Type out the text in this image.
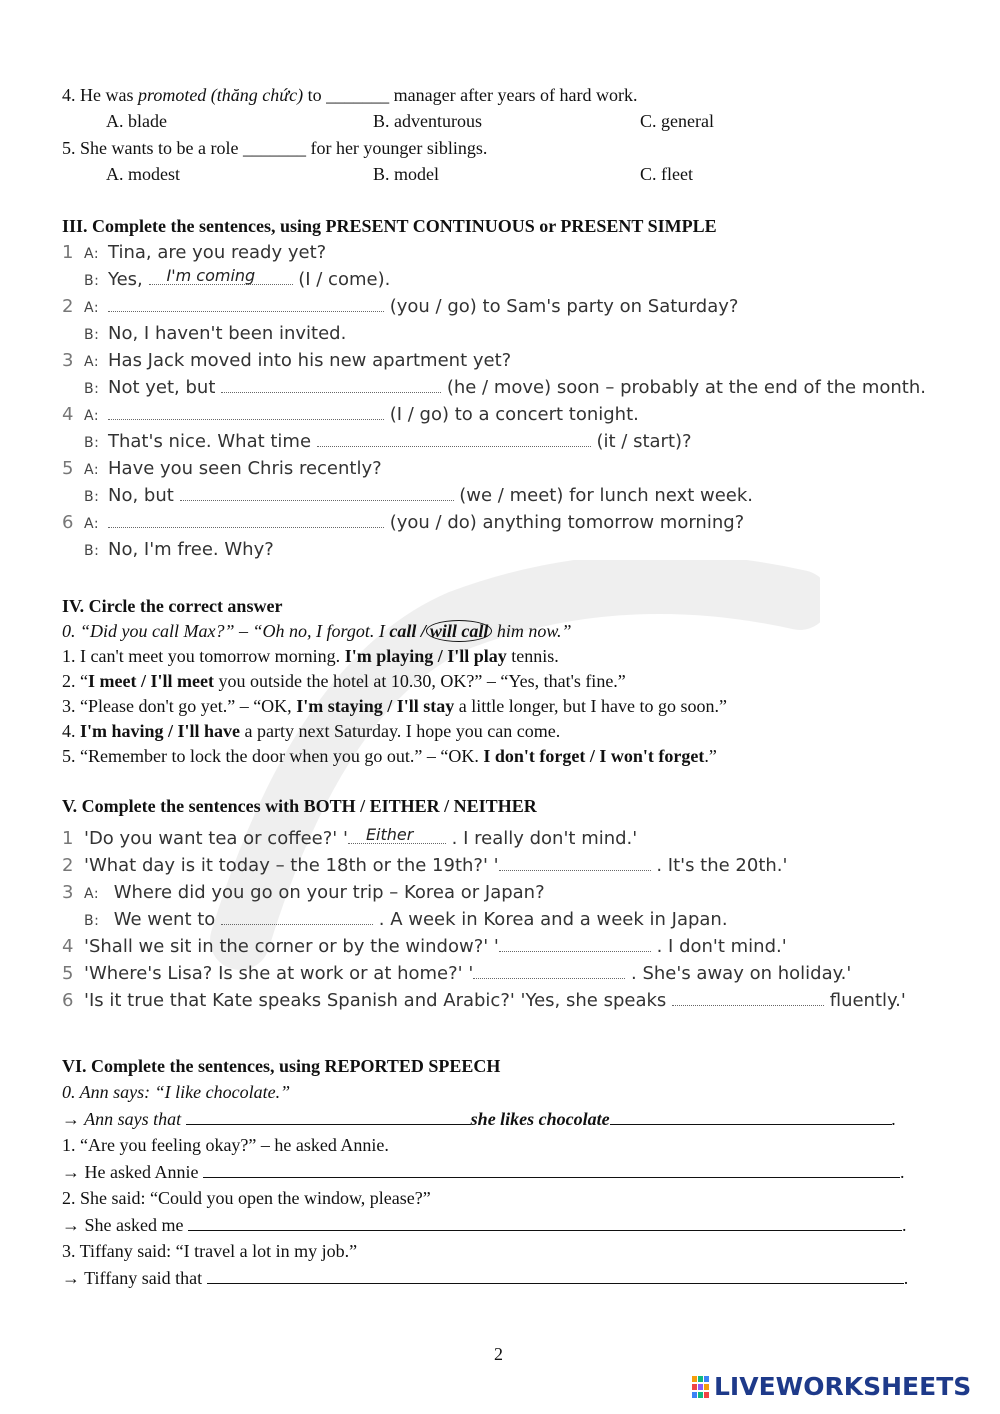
4. He was promoted (thăng chức) to _______ manager after years of hard work.
A. blade	B. adventurous	C. general
5. She wants to be a role _______ for her younger siblings.
A. modest	B. model	C. fleet
III. Complete the sentences, using PRESENT CONTINUOUS or PRESENT SIMPLE
1 A: Tina, are you ready yet?
B: Yes, I'm coming (I / come).
2 A:	(you / go) to Sam's party on Saturday?
B: No, I haven't been invited.
3 A: Has Jack moved into his new apartment yet?
B: Not yet, but	(he / move) soon – probably at the end of the month.
4 A:	(I / go) to a concert tonight.
B: That's nice. What time	(it / start)?
5 A: Have you seen Chris recently?
B: No, but	(we / meet) for lunch next week.
6 A:	(you / do) anything tomorrow morning?
B: No, I'm free. Why?
IV. Circle the correct answer
0. “Did you call Max?” – “Oh no, I forgot. I call / will call him now.”
1. I can't meet you tomorrow morning. I'm playing / I'll play tennis.
2. “I meet / I'll meet you outside the hotel at 10.30, OK?” – “Yes, that's fine.”
3. “Please don't go yet.” – “OK, I'm staying / I'll stay a little longer, but I have to go soon.”
4. I'm having / I'll have a party next Saturday. I hope you can come.
5. “Remember to lock the door when you go out.” – “OK. I don't forget / I won't forget.”
V. Complete the sentences with BOTH / EITHER / NEITHER
1 'Do you want tea or coffee?' ' Either . I really don't mind.'
2 'What day is it today – the 18th or the 19th?' '	. It's the 20th.'
3 A: Where did you go on your trip – Korea or Japan?
B: We went to	. A week in Korea and a week in Japan.
4 'Shall we sit in the corner or by the window?' '	. I don't mind.'
5 'Where's Lisa? Is she at work or at home?' '	. She's away on holiday.'
6 'Is it true that Kate speaks Spanish and Arabic?' 'Yes, she speaks	fluently.'
VI. Complete the sentences, using REPORTED SPEECH
0. Ann says: “I like chocolate.”
→ Ann says that	she likes chocolate	.
1. “Are you feeling okay?” – he asked Annie.
→ He asked Annie	.
2. She said: “Could you open the window, please?”
→ She asked me	.
3. Tiffany said: “I travel a lot in my job.”
→ Tiffany said that	.
2
LIVEWORKSHEETS
